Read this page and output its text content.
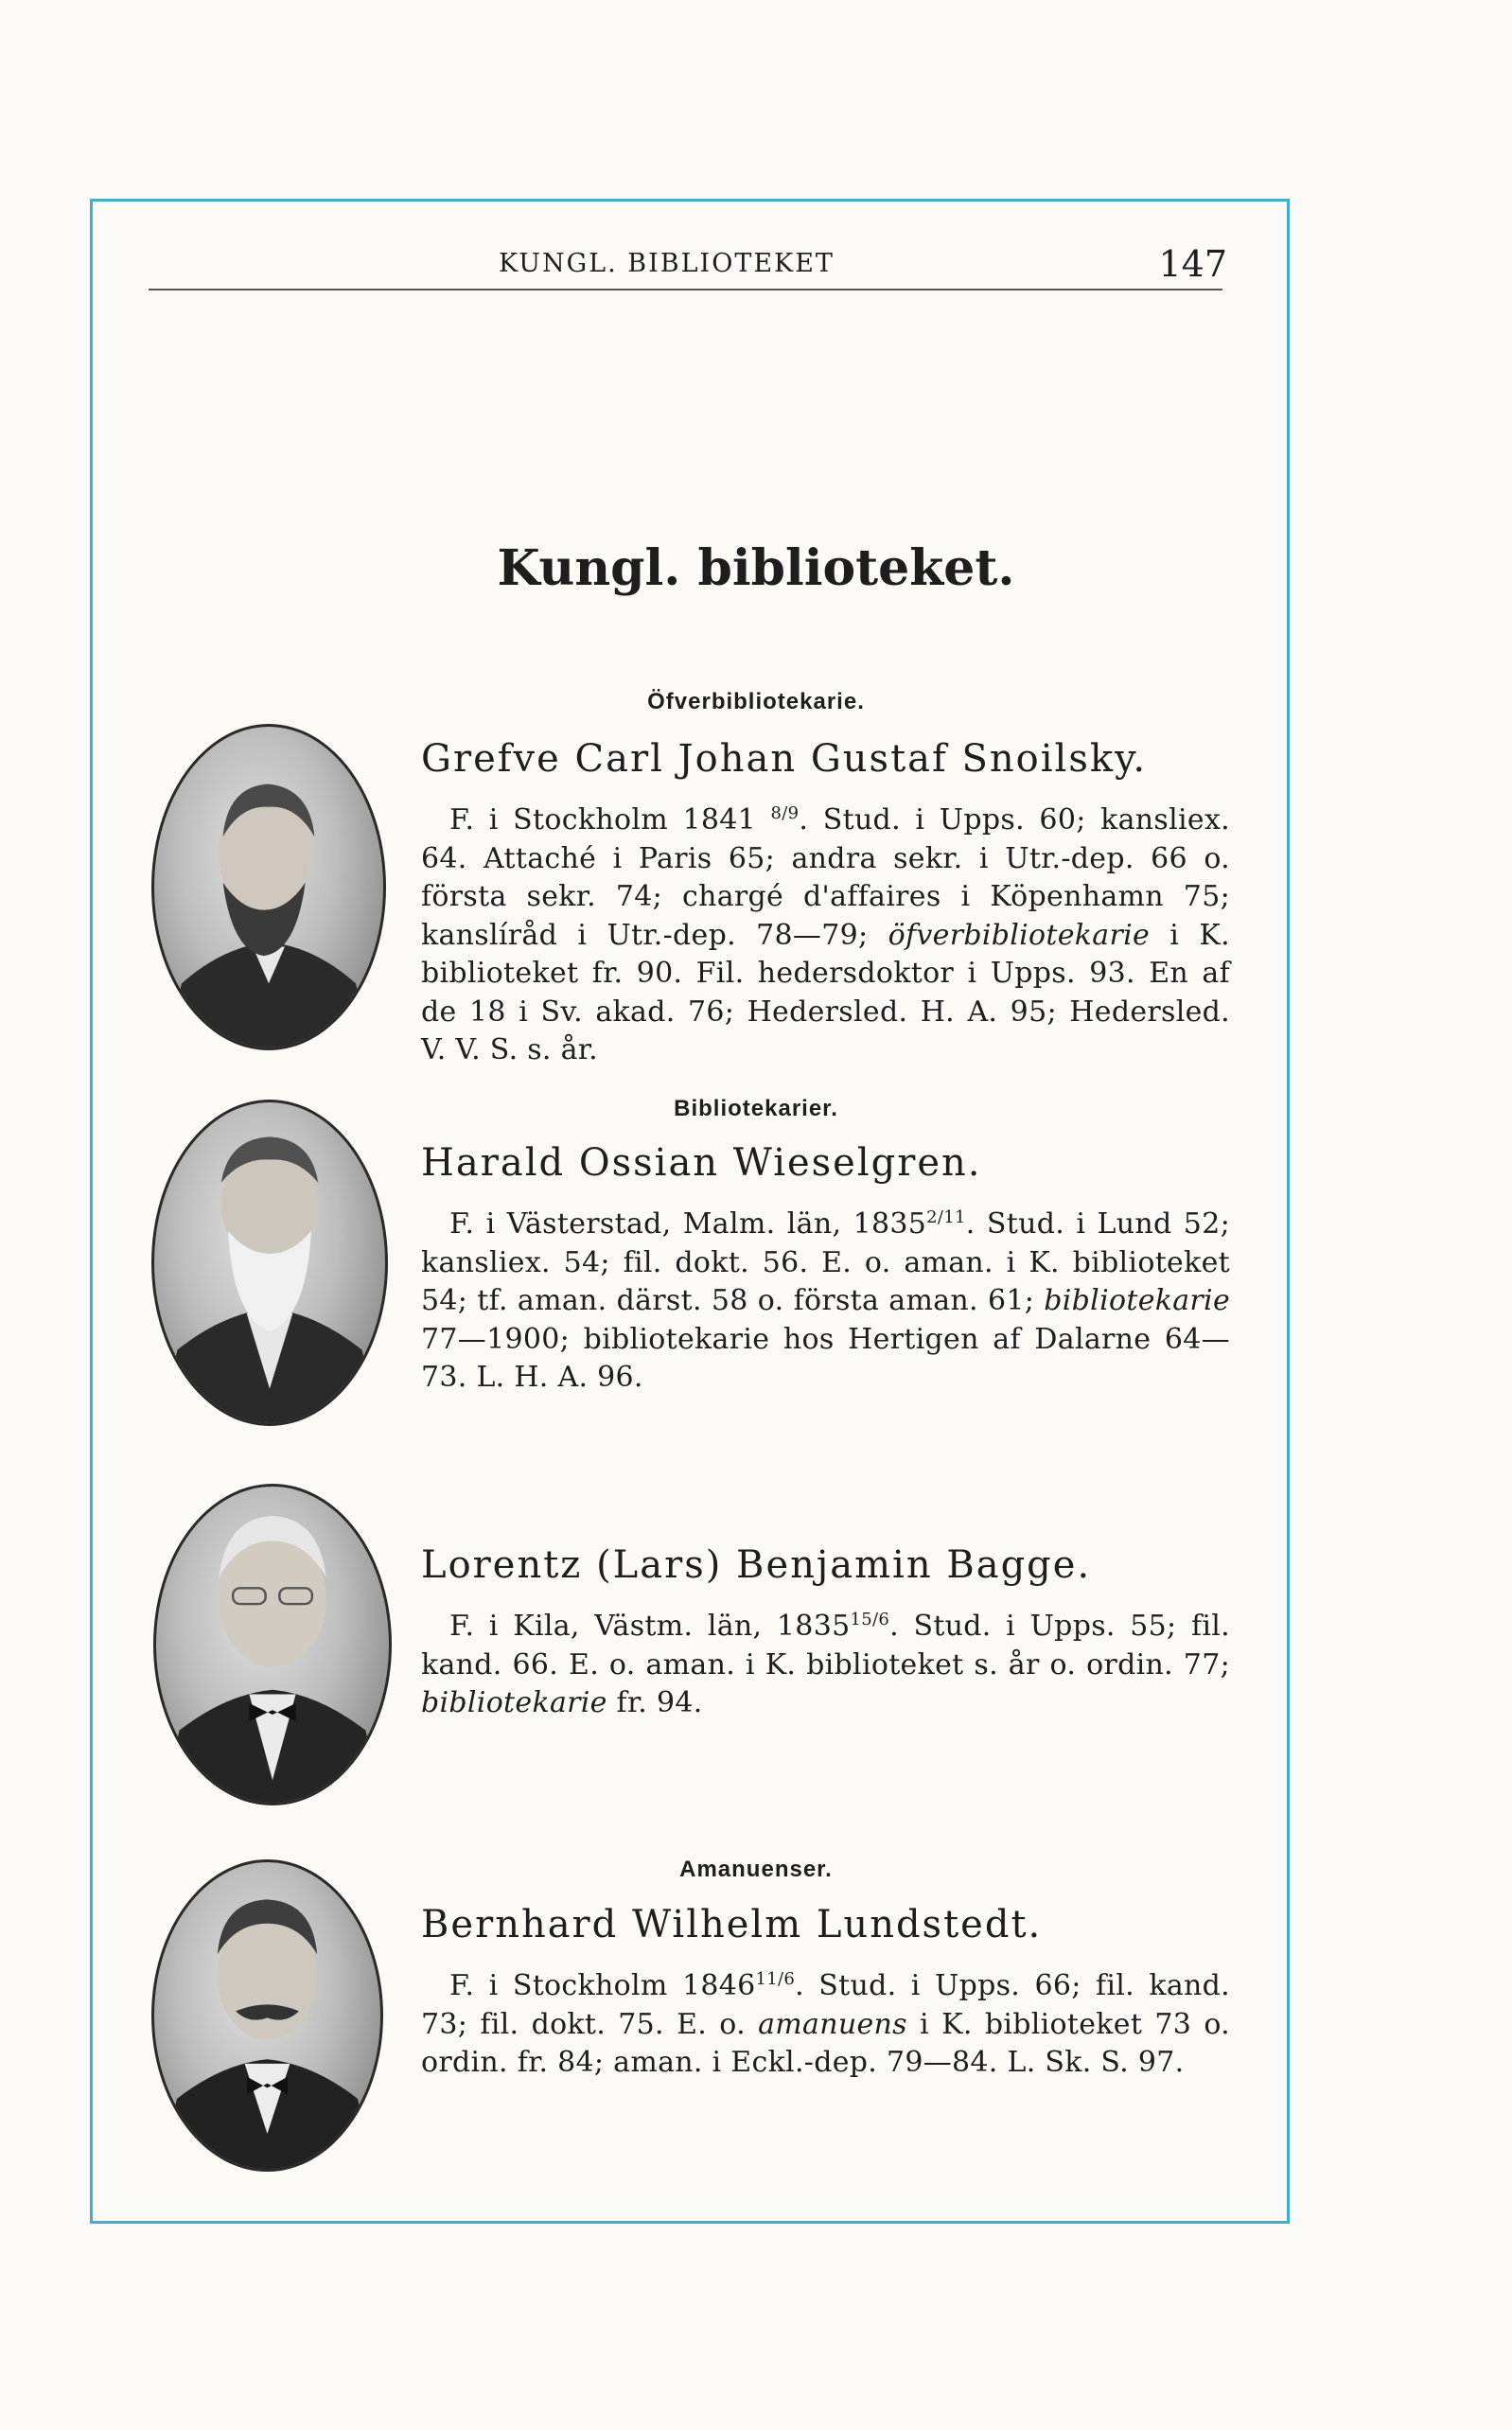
KUNGL. BIBLIOTEKET	147
Kungl. biblioteket.
Öfverbibliotekarie.
Grefve Carl Johan Gustaf Snoilsky.
F. i Stockholm 1841 $^{8/9}$. Stud. i Upps. 60; kansliex. 64. Attaché i Paris 65; andra sekr. i Utr.-dep. 66 o. första sekr. 74; chargé d'affaires i Köpenhamn 75; kanslíråd i Utr.-dep. 78—79; öfverbibliotekarie i K. biblioteket fr. 90. Fil. hedersdoktor i Upps. 93. En af de 18 i Sv. akad. 76; Hedersled. H. A. 95; Hedersled. V. V. S. s. år.
Bibliotekarier.
Harald Ossian Wieselgren.
F. i Västerstad, Malm. län, $1835^{2/11}$. Stud. i Lund 52; kansliex. 54; fil. dokt. 56. E. o. aman. i K. biblioteket 54; tf. aman. därst. 58 o. första aman. 61; bibliotekarie 77—1900; bibliotekarie hos Hertigen af Dalarne 64—73. L. H. A. 96.
Lorentz (Lars) Benjamin Bagge.
F. i Kila, Västm. län, $1835^{15/6}$. Stud. i Upps. 55; fil. kand. 66. E. o. aman. i K. biblioteket s. år o. ordin. 77; bibliotekarie fr. 94.
Amanuenser.
Bernhard Wilhelm Lundstedt.
F. i Stockholm $1846^{11/6}$. Stud. i Upps. 66; fil. kand. 73; fil. dokt. 75. E. o. amanuens i K. biblioteket 73 o. ordin. fr. 84; aman. i Eckl.-dep. 79—84. L. Sk. S. 97.
